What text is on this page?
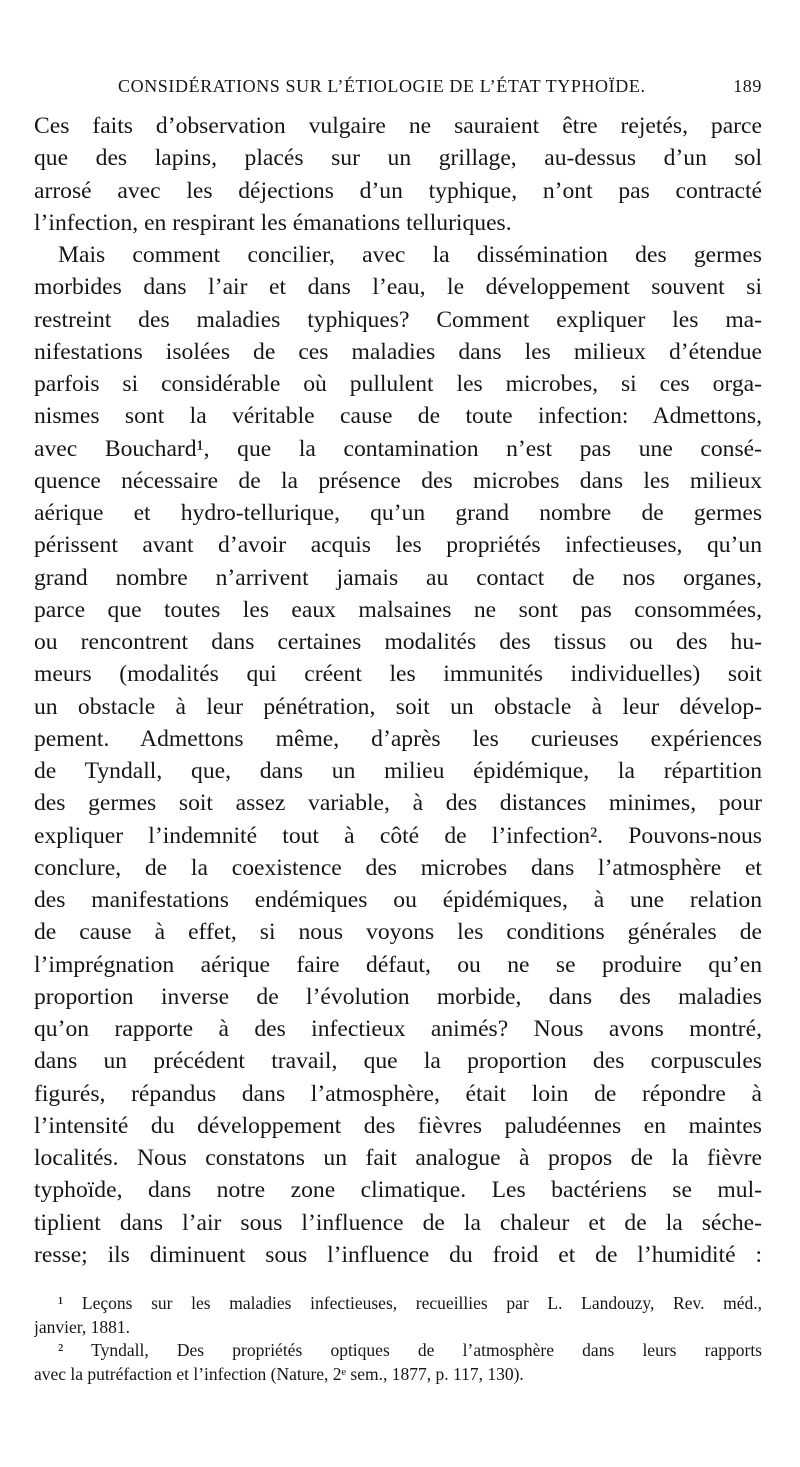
CONSIDÉRATIONS SUR L’ÉTIOLOGIE DE L’ÉTAT TYPHOÏDE.	189
Ces faits d’observation vulgaire ne sauraient être rejetés, parce
que des lapins, placés sur un grillage, au-dessus d’un sol
arrosé avec les déjections d’un typhique, n’ont pas contracté
l’infection, en respirant les émanations telluriques.
Mais comment concilier, avec la dissémination des germes
morbides dans l’air et dans l’eau, le développement souvent si
restreint des maladies typhiques? Comment expliquer les ma-
nifestations isolées de ces maladies dans les milieux d’étendue
parfois si considérable où pullulent les microbes, si ces orga-
nismes sont la véritable cause de toute infection: Admettons,
avec Bouchard¹, que la contamination n’est pas une consé-
quence nécessaire de la présence des microbes dans les milieux
aérique et hydro-tellurique, qu’un grand nombre de germes
périssent avant d’avoir acquis les propriétés infectieuses, qu’un
grand nombre n’arrivent jamais au contact de nos organes,
parce que toutes les eaux malsaines ne sont pas consommées,
ou rencontrent dans certaines modalités des tissus ou des hu-
meurs (modalités qui créent les immunités individuelles) soit
un obstacle à leur pénétration, soit un obstacle à leur dévelop-
pement. Admettons même, d’après les curieuses expériences
de Tyndall, que, dans un milieu épidémique, la répartition
des germes soit assez variable, à des distances minimes, pour
expliquer l’indemnité tout à côté de l’infection². Pouvons-nous
conclure, de la coexistence des microbes dans l’atmosphère et
des manifestations endémiques ou épidémiques, à une relation
de cause à effet, si nous voyons les conditions générales de
l’imprégnation aérique faire défaut, ou ne se produire qu’en
proportion inverse de l’évolution morbide, dans des maladies
qu’on rapporte à des infectieux animés? Nous avons montré,
dans un précédent travail, que la proportion des corpuscules
figurés, répandus dans l’atmosphère, était loin de répondre à
l’intensité du développement des fièvres paludéennes en maintes
localités. Nous constatons un fait analogue à propos de la fièvre
typhoïde, dans notre zone climatique. Les bactériens se mul-
tiplient dans l’air sous l’influence de la chaleur et de la séche-
resse; ils diminuent sous l’influence du froid et de l’humidité :
¹ Leçons sur les maladies infectieuses, recueillies par L. Landouzy, Rev. méd.,
janvier, 1881.
² Tyndall, Des propriétés optiques de l’atmosphère dans leurs rapports
avec la putréfaction et l’infection (Nature, 2ᵉ sem., 1877, p. 117, 130).
